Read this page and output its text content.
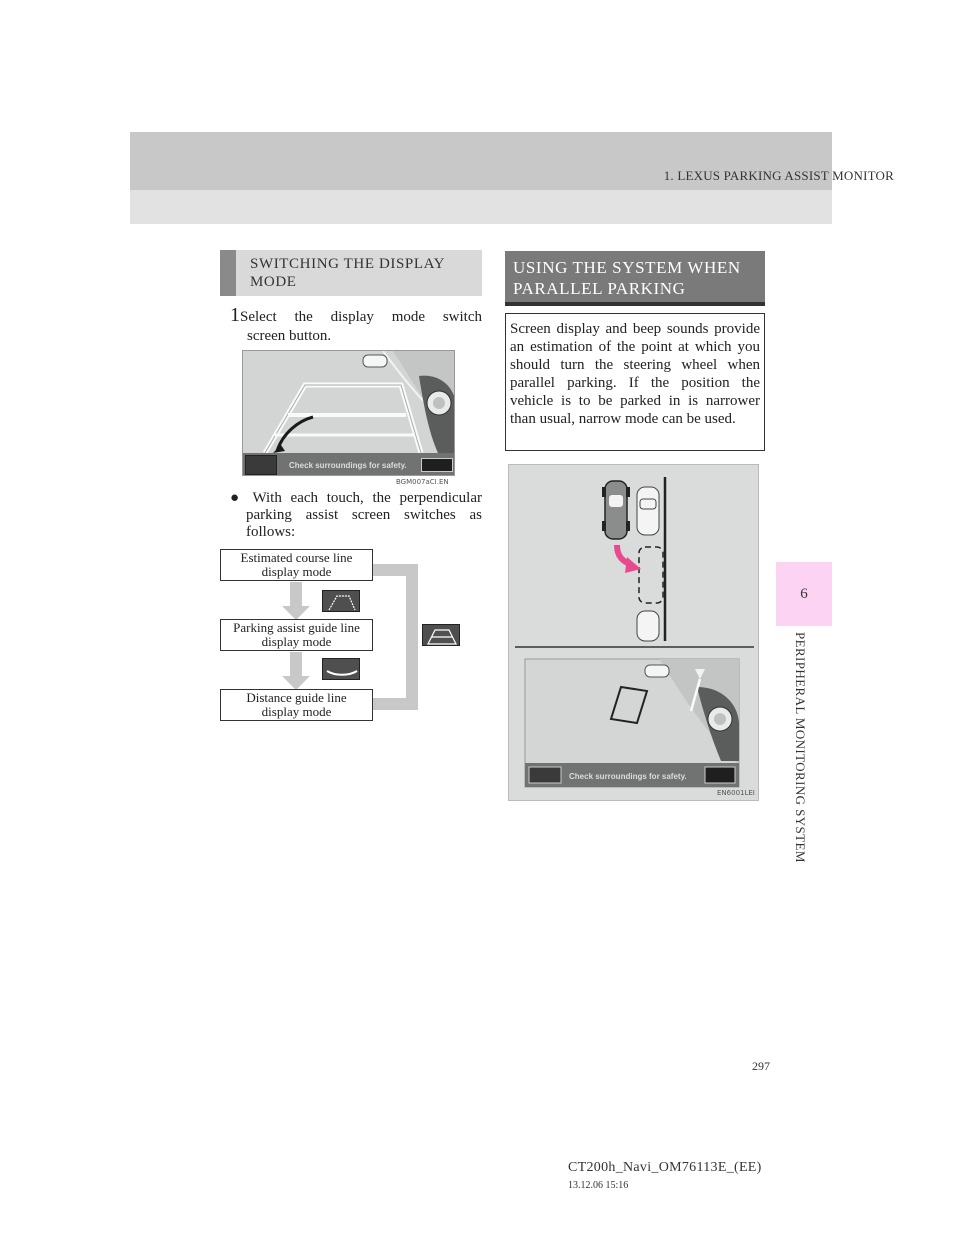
1. LEXUS PARKING ASSIST MONITOR
6
PERIPHERAL MONITORING SYSTEM
SWITCHING THE DISPLAY MODE

1Select the display mode switch

screen button.

Check surroundings for safety.
BGM007aCI.EN

● With each touch, the perpendicular parking assist screen switches as follows:

Estimated course line
display mode
Parking assist guide line
display mode
Distance guide line
display mode
USING THE SYSTEM WHEN
PARALLEL PARKING

Screen display and beep sounds provide an estimation of the point at which you should turn the steering wheel when parallel parking. If the position the vehicle is to be parked in is narrower than usual, narrow mode can be used.

Check surroundings for safety.
EN6001LEI
297
CT200h_Navi_OM76113E_(EE)
13.12.06 15:16
